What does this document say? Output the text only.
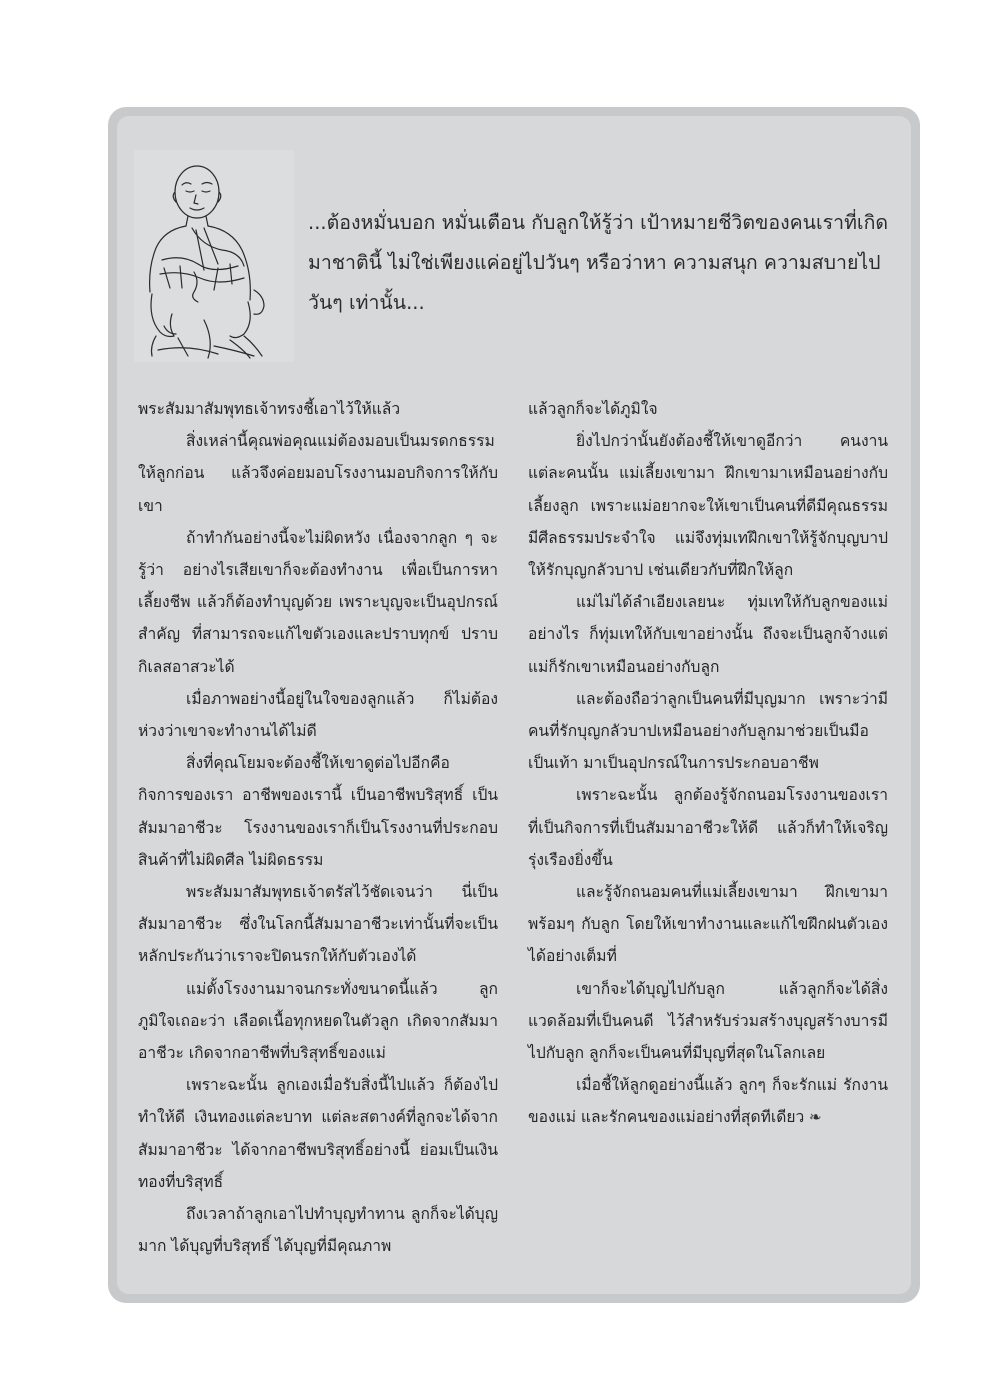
...ต้องหมั่นบอก หมั่นเตือน กับลูกให้รู้ว่า เป้าหมายชีวิตของคนเราที่เกิดมาชาตินี้ ไม่ใช่เพียงแค่อยู่ไปวันๆ หรือว่าหา ความสนุก ความสบายไปวันๆ เท่านั้น...

พระสัมมาสัมพุทธเจ้าทรงชี้เอาไว้ให้แล้ว

สิ่งเหล่านี้คุณพ่อคุณแม่ต้องมอบเป็นมรดกธรรมให้ลูกก่อน แล้วจึงค่อยมอบโรงงานมอบกิจการให้กับเขา

ถ้าทำกันอย่างนี้จะไม่ผิดหวัง เนื่องจากลูก ๆ จะรู้ว่า อย่างไรเสียเขาก็จะต้องทำงาน เพื่อเป็นการหาเลี้ยงชีพ แล้วก็ต้องทำบุญด้วย เพราะบุญจะเป็นอุปกรณ์สำคัญ ที่สามารถจะแก้ไขตัวเองและปราบทุกข์ ปราบกิเลสอาสวะได้

เมื่อภาพอย่างนี้อยู่ในใจของลูกแล้ว ก็ไม่ต้องห่วงว่าเขาจะทำงานได้ไม่ดี

สิ่งที่คุณโยมจะต้องชี้ให้เขาดูต่อไปอีกคือ กิจการของเรา อาชีพของเรานี้ เป็นอาชีพบริสุทธิ์ เป็นสัมมาอาชีวะ โรงงานของเราก็เป็นโรงงานที่ประกอบสินค้าที่ไม่ผิดศีล ไม่ผิดธรรม

พระสัมมาสัมพุทธเจ้าตรัสไว้ชัดเจนว่า นี่เป็นสัมมาอาชีวะ ซึ่งในโลกนี้สัมมาอาชีวะเท่านั้นที่จะเป็นหลักประกันว่าเราจะปิดนรกให้กับตัวเองได้

แม่ตั้งโรงงานมาจนกระทั่งขนาดนี้แล้ว ลูกภูมิใจเถอะว่า เลือดเนื้อทุกหยดในตัวลูก เกิดจากสัมมาอาชีวะ เกิดจากอาชีพที่บริสุทธิ์ของแม่

เพราะฉะนั้น ลูกเองเมื่อรับสิ่งนี้ไปแล้ว ก็ต้องไปทำให้ดี เงินทองแต่ละบาท แต่ละสตางค์ที่ลูกจะได้จากสัมมาอาชีวะ ได้จากอาชีพบริสุทธิ์อย่างนี้ ย่อมเป็นเงินทองที่บริสุทธิ์

ถึงเวลาถ้าลูกเอาไปทำบุญทำทาน ลูกก็จะได้บุญมาก ได้บุญที่บริสุทธิ์ ได้บุญที่มีคุณภาพ

แล้วลูกก็จะได้ภูมิใจ

ยิ่งไปกว่านั้นยังต้องชี้ให้เขาดูอีกว่า คนงานแต่ละคนนั้น แม่เลี้ยงเขามา ฝึกเขามาเหมือนอย่างกับเลี้ยงลูก เพราะแม่อยากจะให้เขาเป็นคนที่ดีมีคุณธรรม มีศีลธรรมประจำใจ แม่จึงทุ่มเทฝึกเขาให้รู้จักบุญบาป ให้รักบุญกลัวบาป เช่นเดียวกับที่ฝึกให้ลูก

แม่ไม่ได้ลำเอียงเลยนะ ทุ่มเทให้กับลูกของแม่อย่างไร ก็ทุ่มเทให้กับเขาอย่างนั้น ถึงจะเป็นลูกจ้างแต่แม่ก็รักเขาเหมือนอย่างกับลูก

และต้องถือว่าลูกเป็นคนที่มีบุญมาก เพราะว่ามีคนที่รักบุญกลัวบาปเหมือนอย่างกับลูกมาช่วยเป็นมือ เป็นเท้า มาเป็นอุปกรณ์ในการประกอบอาชีพ

เพราะฉะนั้น ลูกต้องรู้จักถนอมโรงงานของเรา ที่เป็นกิจการที่เป็นสัมมาอาชีวะให้ดี แล้วก็ทำให้เจริญรุ่งเรืองยิ่งขึ้น

และรู้จักถนอมคนที่แม่เลี้ยงเขามา ฝึกเขามาพร้อมๆ กับลูก โดยให้เขาทำงานและแก้ไขฝึกฝนตัวเองได้อย่างเต็มที่

เขาก็จะได้บุญไปกับลูก แล้วลูกก็จะได้สิ่งแวดล้อมที่เป็นคนดี ไว้สำหรับร่วมสร้างบุญสร้างบารมีไปกับลูก ลูกก็จะเป็นคนที่มีบุญที่สุดในโลกเลย

เมื่อชี้ให้ลูกดูอย่างนี้แล้ว ลูกๆ ก็จะรักแม่ รักงานของแม่ และรักคนของแม่อย่างที่สุดทีเดียว ❧
